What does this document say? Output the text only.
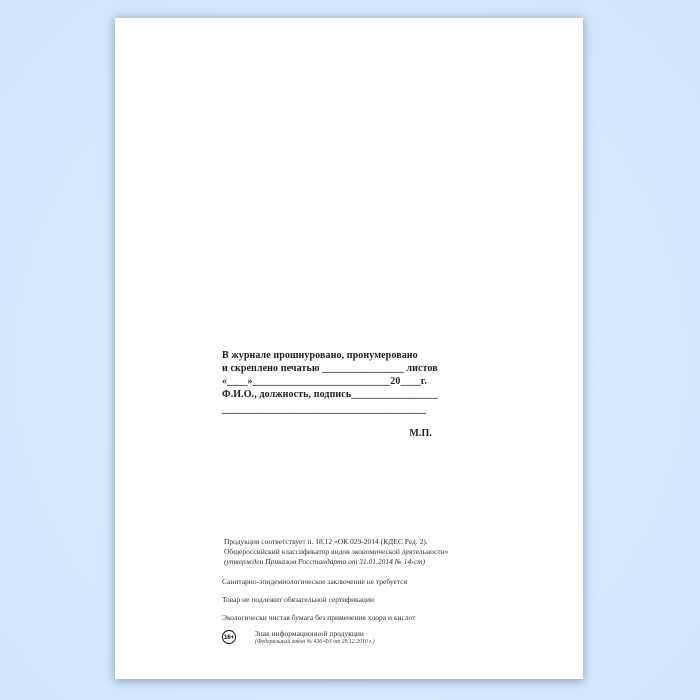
В журнале прошнуровано, пронумеровано
и скреплено печатью ________________ листов
«____»___________________________20____г.
Ф.И.О., должность, подпись_________________
________________________________________
М.П.
Продукция соответствует п. 18.12 «ОК 029-2014 (КДЕС Ред. 2).
Общероссийский классификатор видов экономической деятельности»
(утвержден Приказом Росстандарта от 31.01.2014 № 14-ст)
Санитарно-эпидемиологическое заключение не требуется
Товар не подлежит обязательной сертификации
Экологически чистая бумага без применения хлора и кислот
16+	Знак информационной продукции
(Федеральный закон № 436-ФЗ от 29.12.2010 г.)
